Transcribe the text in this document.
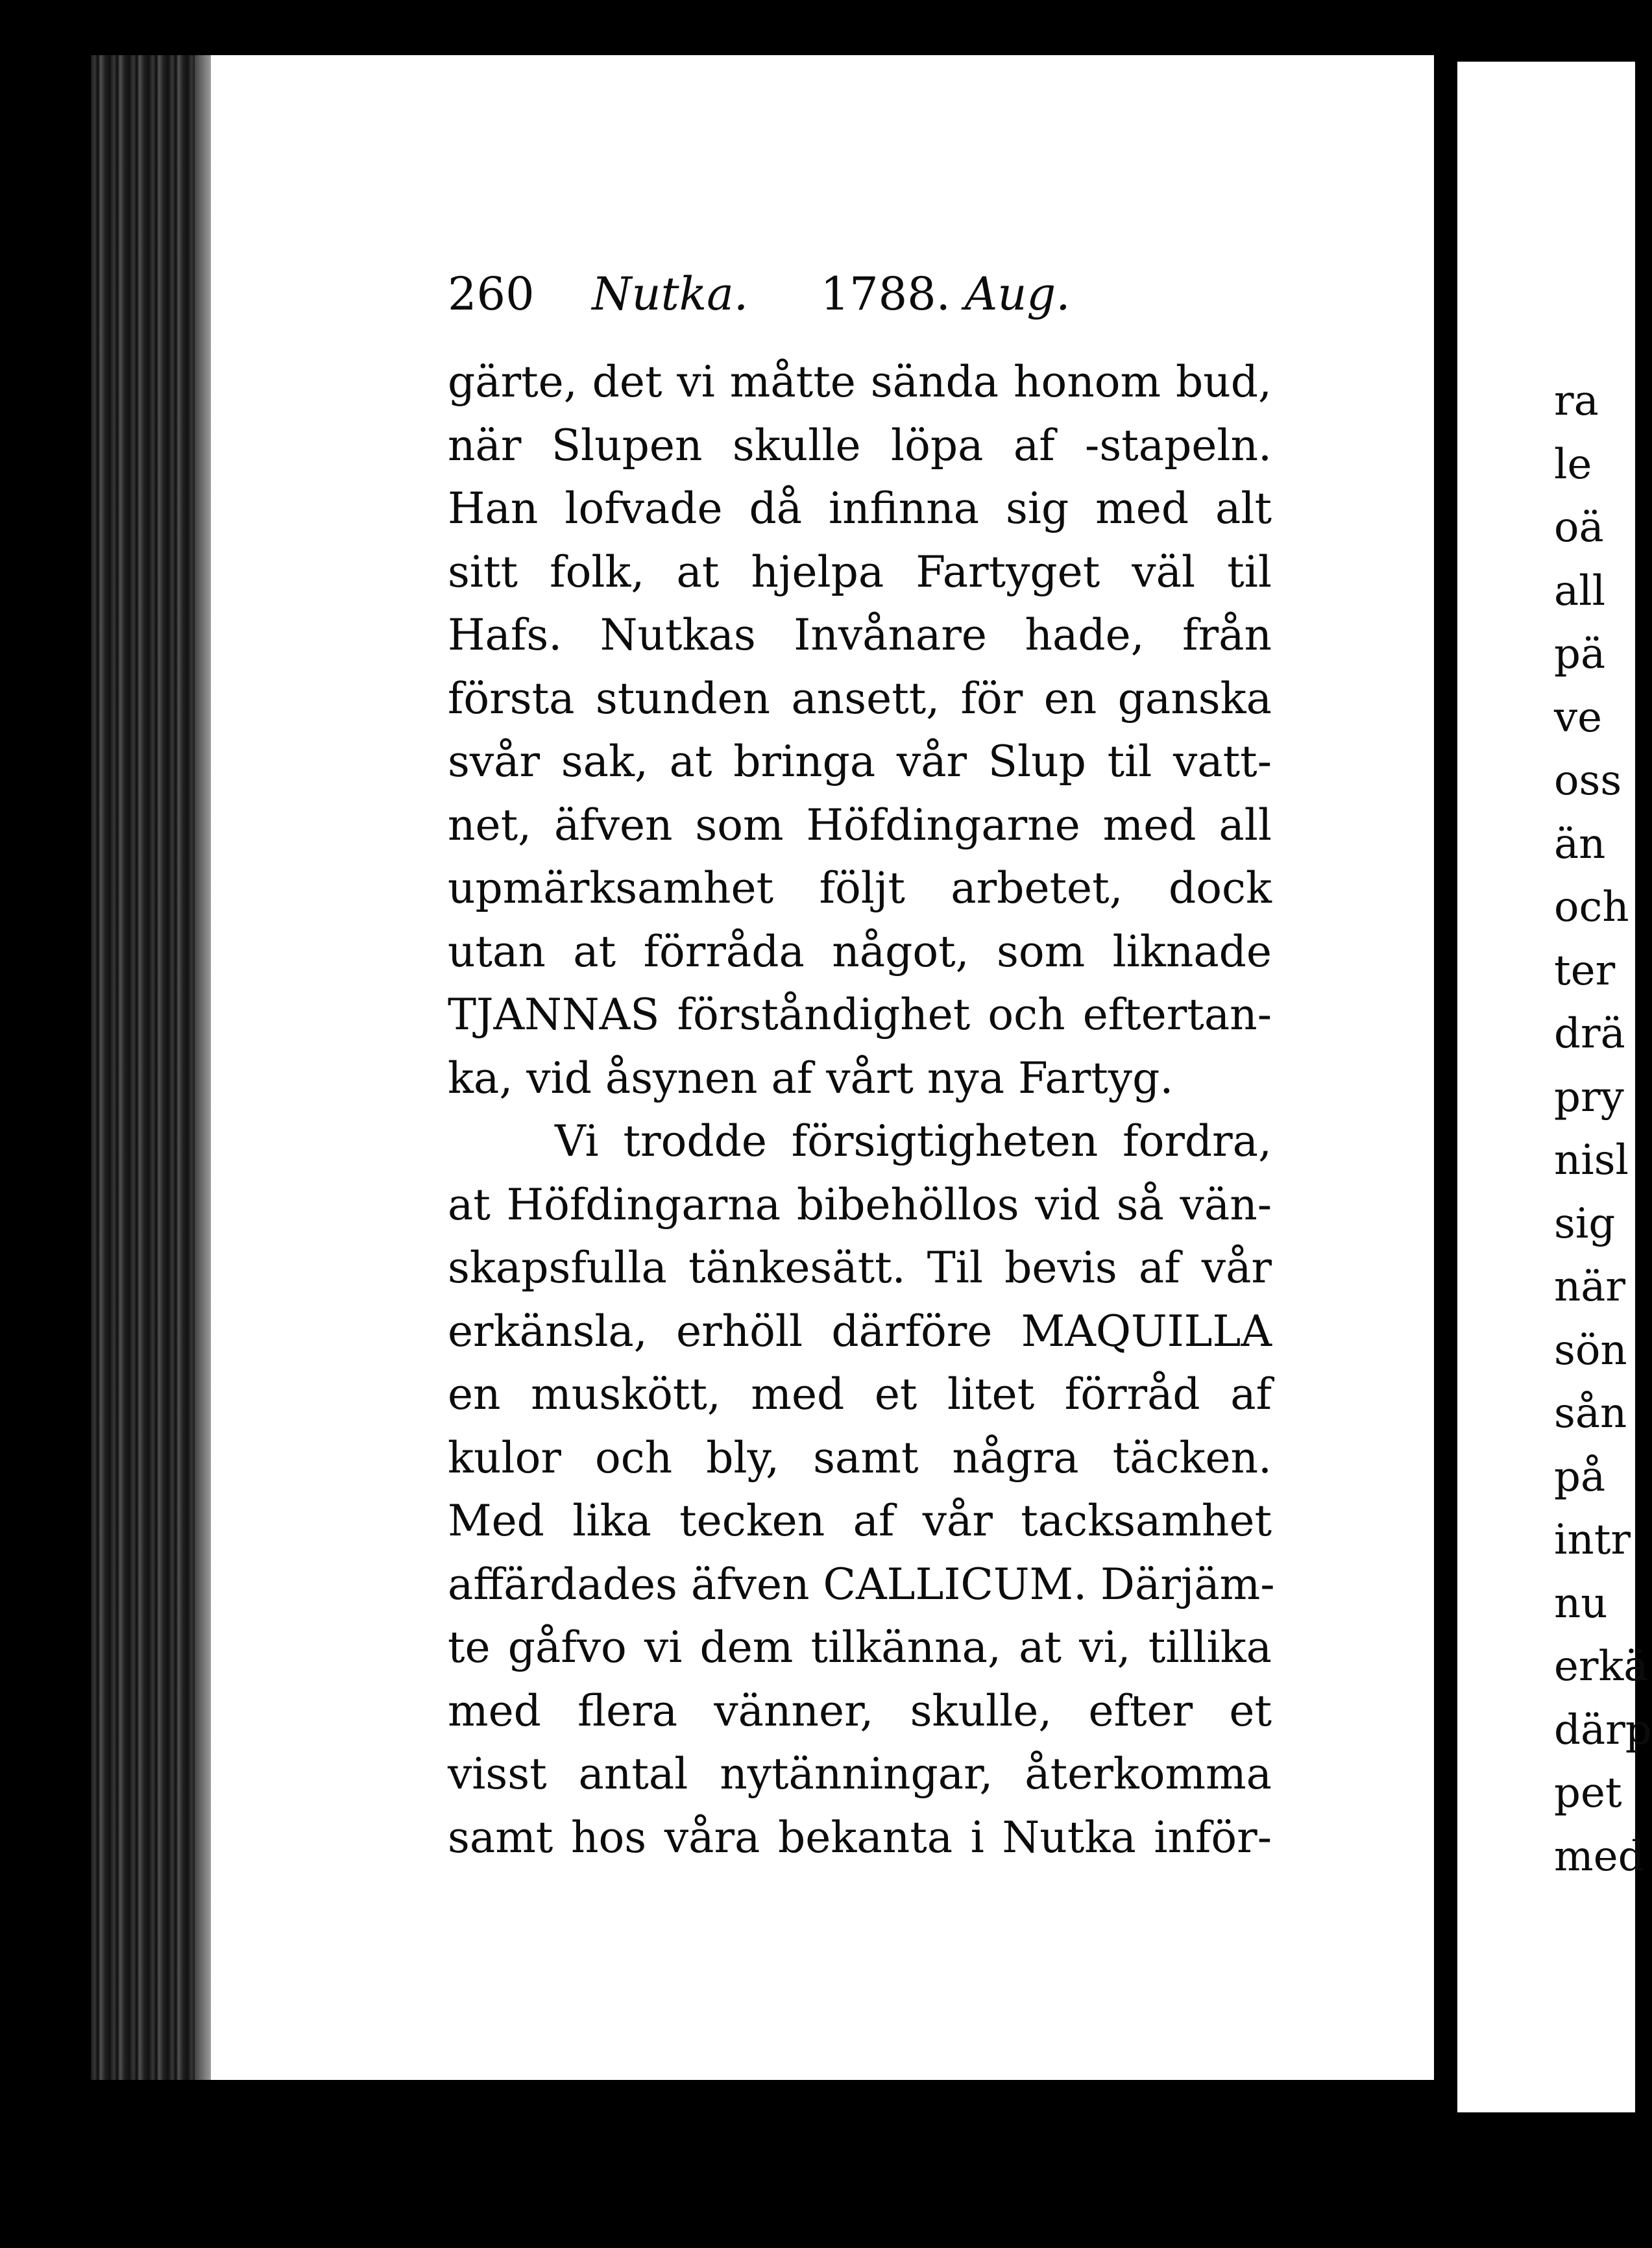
260 Nutka. 1788. Aug.
gärte, det vi måtte sända honom bud,
när Slupen skulle löpa af -stapeln.
Han lofvade då infinna sig med alt
sitt folk, at hjelpa Fartyget väl til
Hafs. Nutkas Invånare hade, från
första stunden ansett, för en ganska
svår sak, at bringa vår Slup til vatt-
net, äfven som Höfdingarne med all
upmärksamhet följt arbetet, dock
utan at förråda något, som liknade
TJANNAS förståndighet och eftertan-
ka, vid åsynen af vårt nya Fartyg.
Vi trodde försigtigheten fordra,
at Höfdingarna bibehöllos vid så vän-
skapsfulla tänkesätt. Til bevis af vår
erkänsla, erhöll därföre MAQUILLA
en muskött, med et litet förråd af
kulor och bly, samt några täcken.
Med lika tecken af vår tacksamhet
affärdades äfven CALLICUM. Därjäm-
te gåfvo vi dem tilkänna, at vi, tillika
med flera vänner, skulle, efter et
visst antal nytänningar, återkomma
samt hos våra bekanta i Nutka inför-
ra
le
oä
all
pä
ve
oss
än
och
ter
drä
pry
nisl
sig
när
sön
sån
på
intr
nu
erkä
därp
pet
med
